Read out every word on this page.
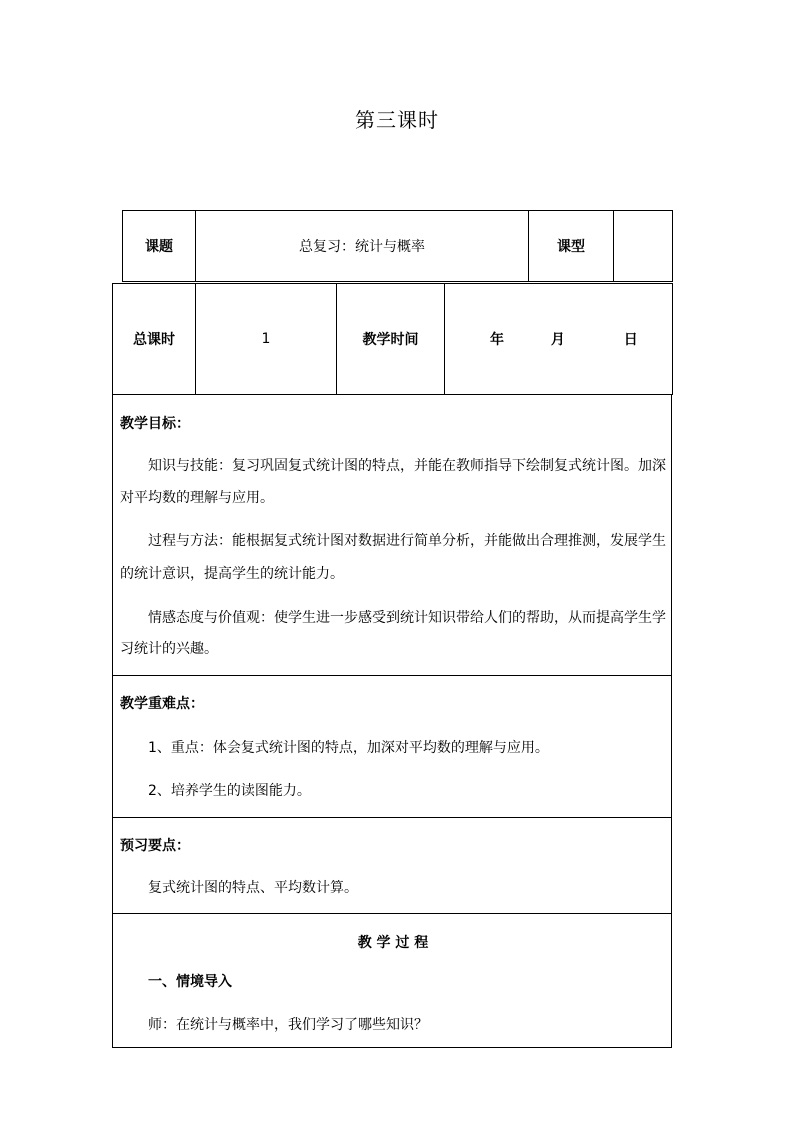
第三课时
课题	总复习：统计与概率	课型	
总课时	1	教学时间	年	月	日
教学目标：
知识与技能：复习巩固复式统计图的特点，并能在教师指导下绘制复式统计图。加深
对平均数的理解与应用。
过程与方法：能根据复式统计图对数据进行简单分析，并能做出合理推测，发展学生
的统计意识，提高学生的统计能力。
情感态度与价值观：使学生进一步感受到统计知识带给人们的帮助，从而提高学生学
习统计的兴趣。
教学重难点：
1、重点：体会复式统计图的特点，加深对平均数的理解与应用。
2、培养学生的读图能力。
预习要点：
复式统计图的特点、平均数计算。
教 学 过 程
一、情境导入
师：在统计与概率中，我们学习了哪些知识？
